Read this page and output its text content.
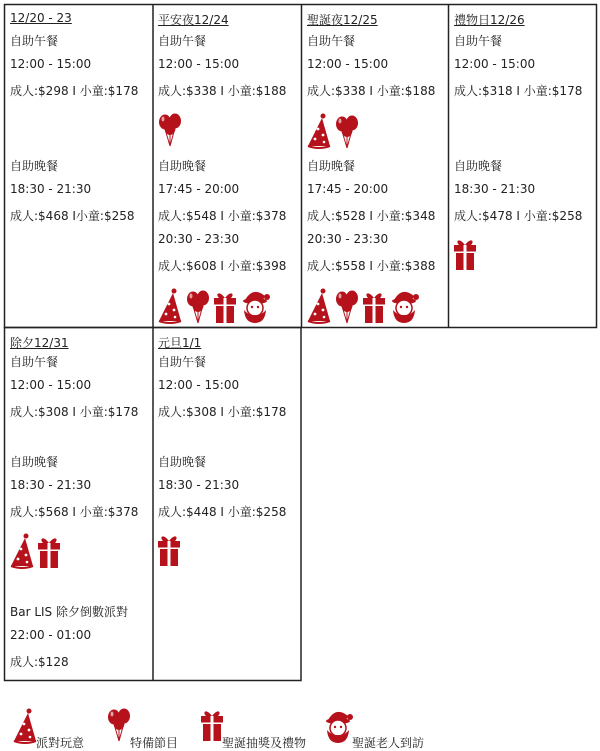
12/20 - 23
自助午餐
12:00 - 15:00
成人:$298 I 小童:$178
自助晚餐
18:30 - 21:30
成人:$468 I小童:$258
平安夜12/24
自助午餐
12:00 - 15:00
成人:$338 I 小童:$188
自助晚餐
17:45 - 20:00
成人:$548 I 小童:$378
20:30 - 23:30
成人:$608 I 小童:$398
聖誕夜12/25
自助午餐
12:00 - 15:00
成人:$338 I 小童:$188
自助晚餐
17:45 - 20:00
成人:$528 I 小童:$348
20:30 - 23:30
成人:$558 I 小童:$388
禮物日12/26
自助午餐
12:00 - 15:00
成人:$318 I 小童:$178
自助晚餐
18:30 - 21:30
成人:$478 I 小童:$258
除夕12/31
自助午餐
12:00 - 15:00
成人:$308 I 小童:$178
自助晚餐
18:30 - 21:30
成人:$568 I 小童:$378
Bar LIS 除夕倒數派對
22:00 - 01:00
成人:$128
元旦1/1
自助午餐
12:00 - 15:00
成人:$308 I 小童:$178
自助晚餐
18:30 - 21:30
成人:$448 I 小童:$258
派對玩意	特備節目	聖誕抽獎及禮物	聖誕老人到訪
